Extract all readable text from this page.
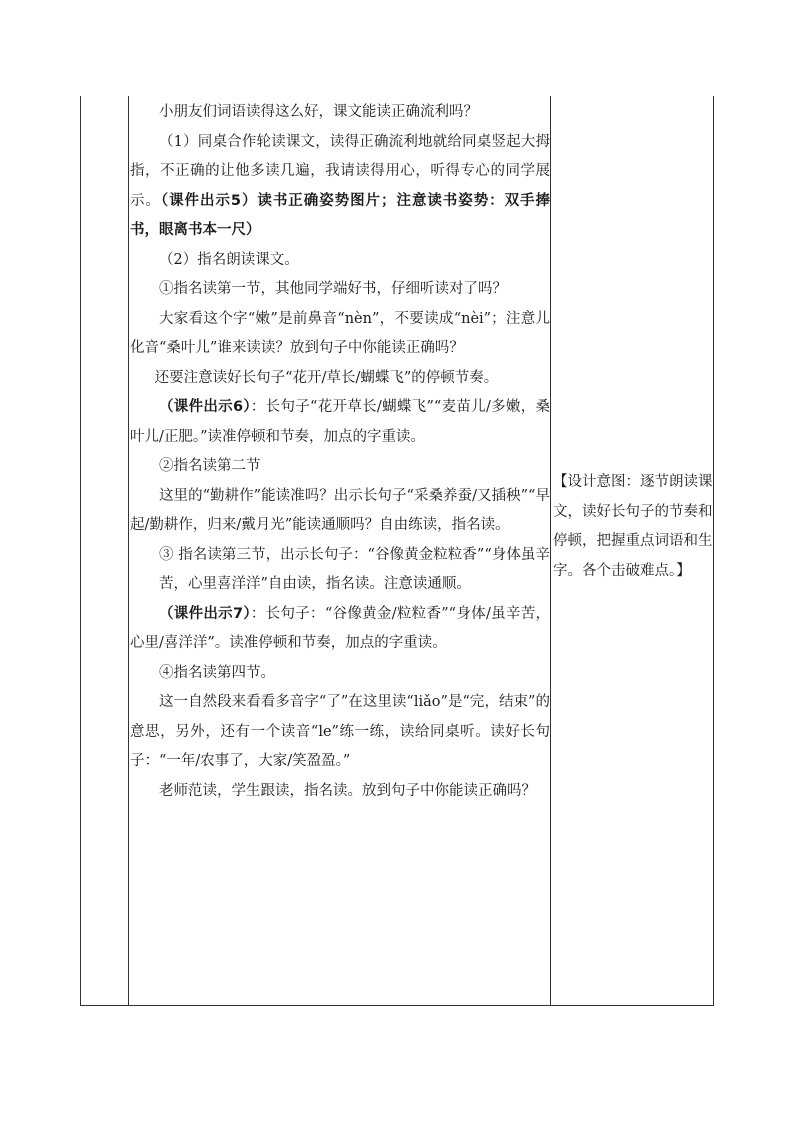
小朋友们词语读得这么好，课文能读正确流利吗？

（1）同桌合作轮读课文，读得正确流利地就给同桌竖起大拇指，不正确的让他多读几遍，我请读得用心，听得专心的同学展示。（课件出示5）读书正确姿势图片；注意读书姿势：双手捧书，眼离书本一尺）

（2）指名朗读课文。

①指名读第一节，其他同学端好书，仔细听读对了吗？

大家看这个字“嫩”是前鼻音“nèn”，不要读成“nèi”；注意儿化音“桑叶儿”谁来读读？放到句子中你能读正确吗？

还要注意读好长句子“花开/草长/蝴蝶飞”的停顿节奏。

（课件出示6）：长句子“花开草长/蝴蝶飞”“麦苗儿/多嫩，桑叶儿/正肥。”读准停顿和节奏，加点的字重读。

②指名读第二节

这里的“勤耕作”能读准吗？出示长句子“采桑养蚕/又插秧”“早起/勤耕作，归来/戴月光”能读通顺吗？自由练读，指名读。

③ 指名读第三节，出示长句子：“谷像黄金粒粒香”“身体虽辛苦，心里喜洋洋”自由读，指名读。注意读通顺。

（课件出示7）：长句子：“谷像黄金/粒粒香”“身体/虽辛苦，心里/喜洋洋”。读准停顿和节奏，加点的字重读。

④指名读第四节。

这一自然段来看看多音字“了”在这里读“liǎo”是“完，结束”的意思，另外，还有一个读音“le”练一练，读给同桌听。读好长句子：“一年/农事了，大家/笑盈盈。”

老师范读，学生跟读，指名读。放到句子中你能读正确吗？

【设计意图：逐节朗读课文，读好长句子的节奏和停顿，把握重点词语和生字。各个击破难点。】
